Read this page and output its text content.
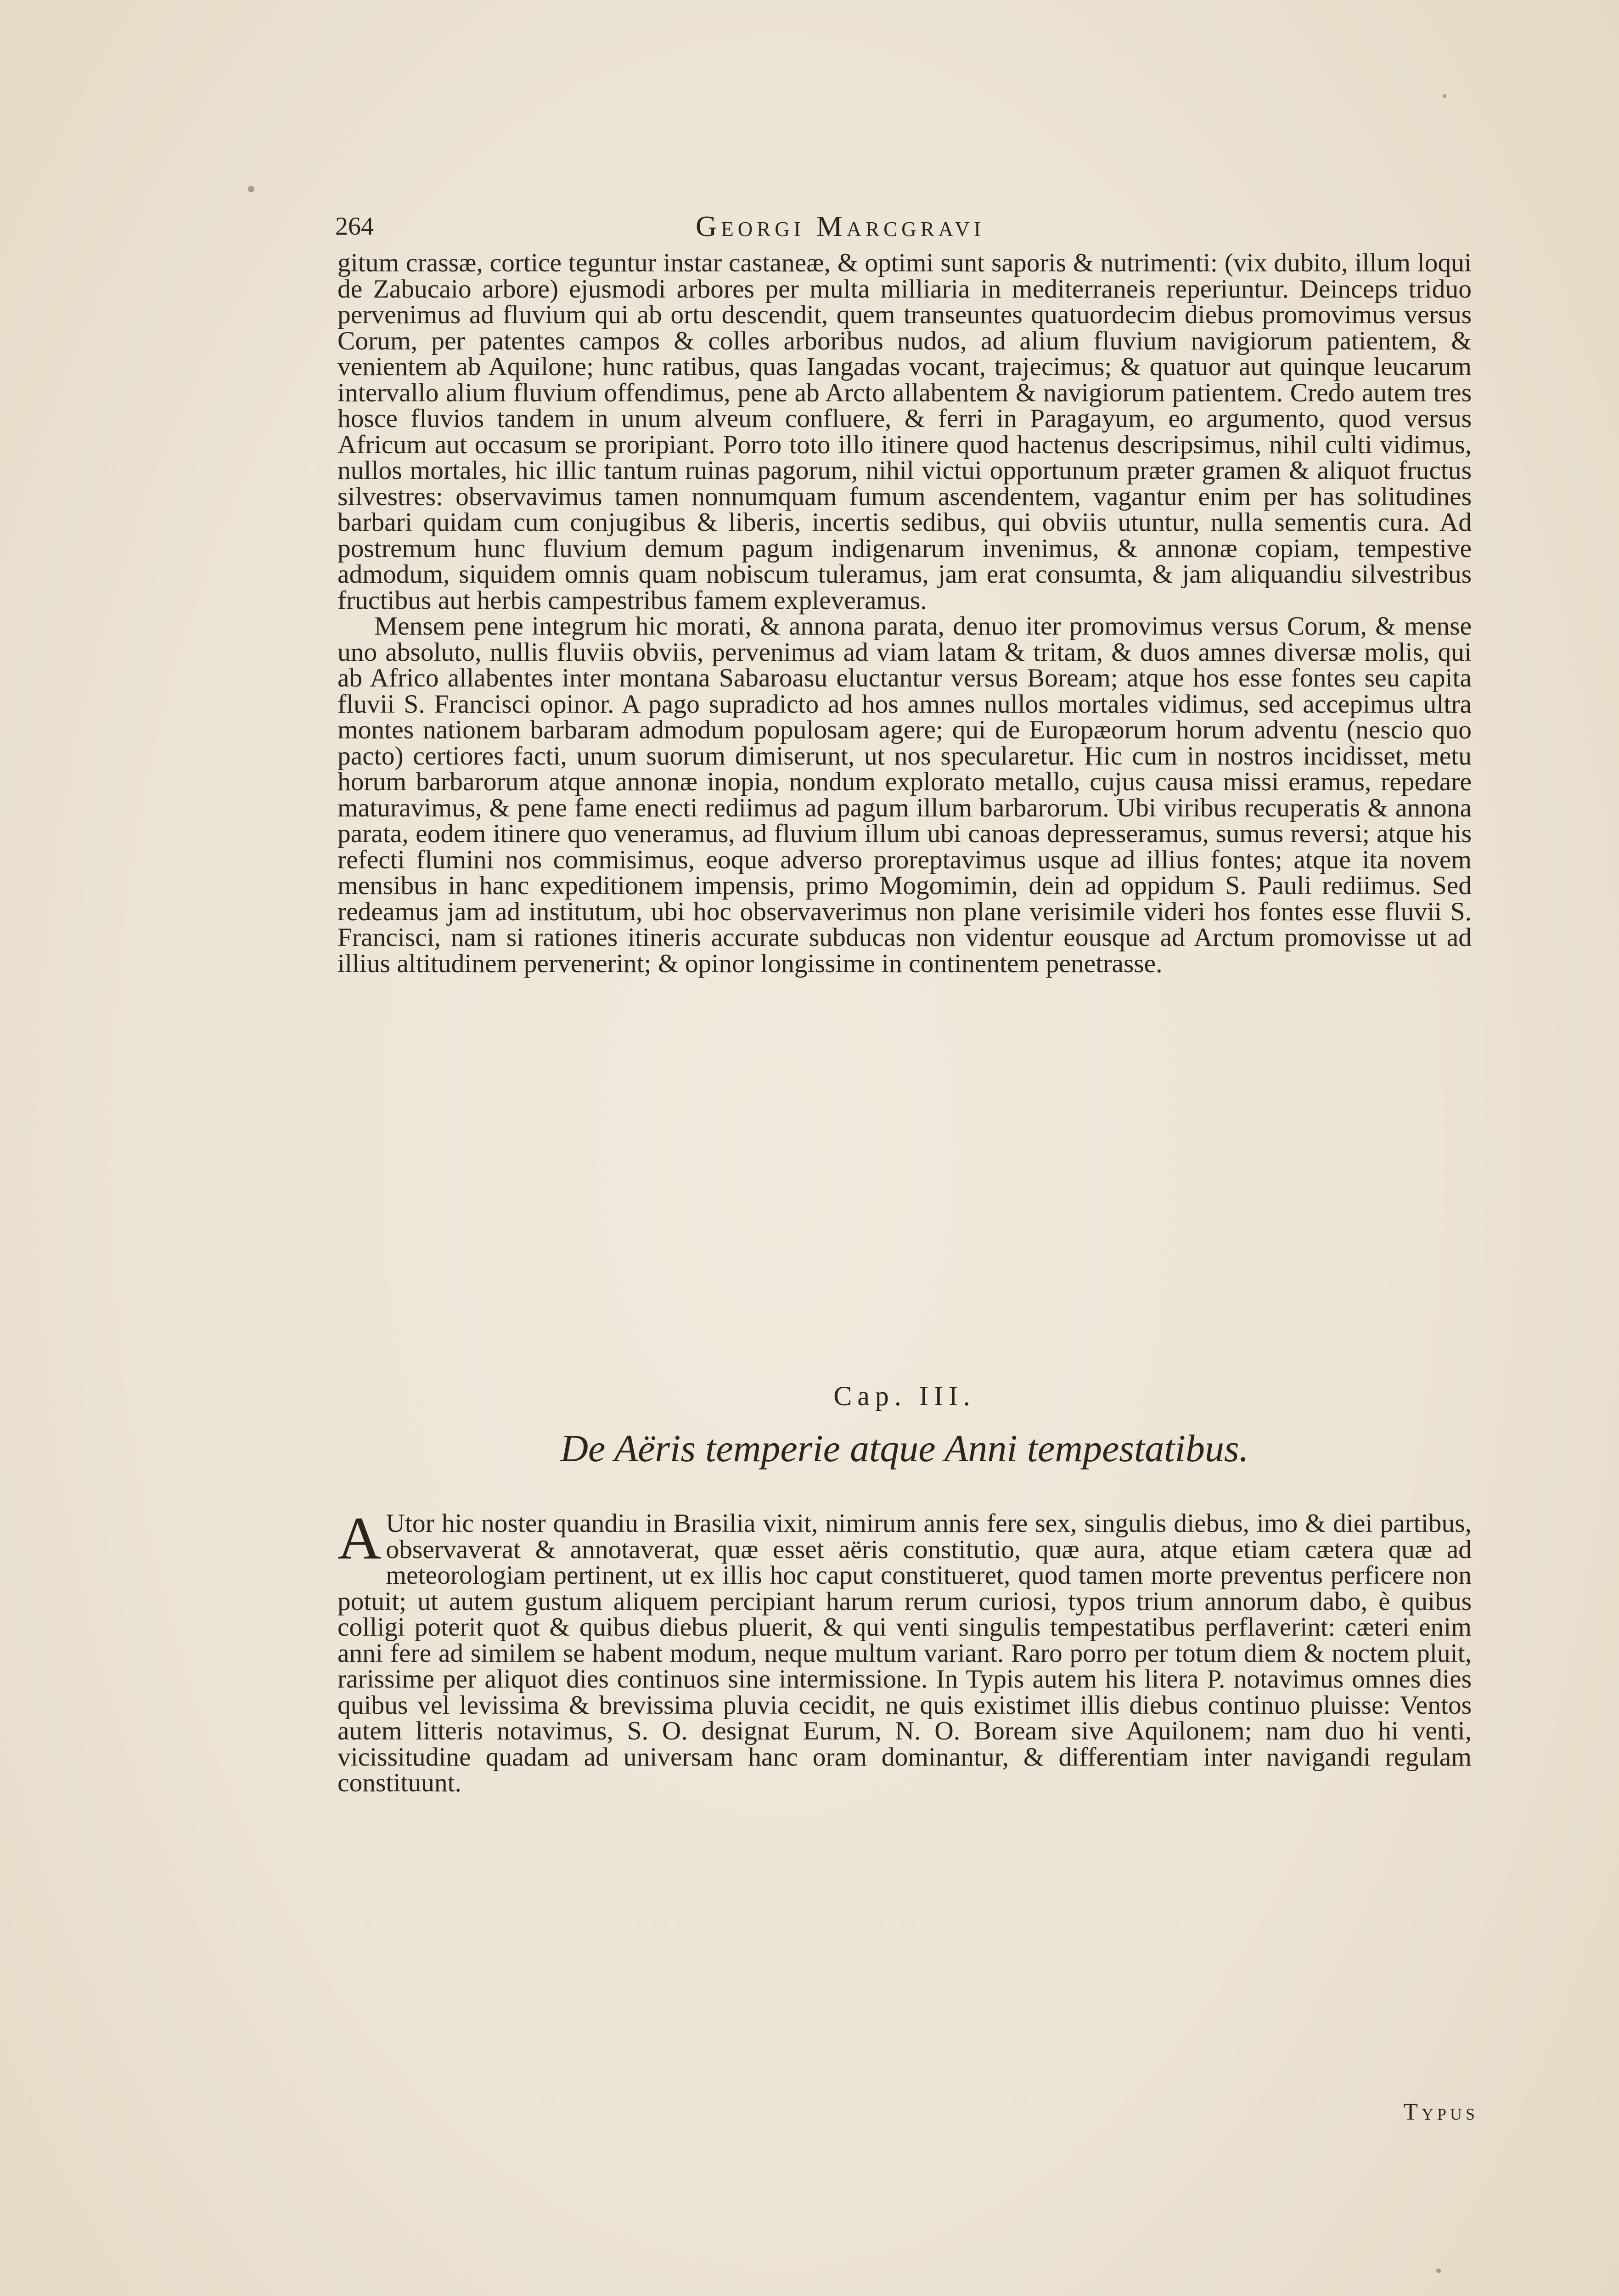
264	Georgi Marcgravi

gitum crassæ, cortice teguntur instar castaneæ, & optimi sunt saporis & nutrimenti: (vix dubito, illum loqui de Zabucaio arbore) ejusmodi arbores per multa milliaria in mediterraneis reperiuntur. Deinceps triduo pervenimus ad fluvium qui ab ortu descendit, quem transeuntes quatuordecim diebus promovimus versus Corum, per patentes campos & colles arboribus nudos, ad alium fluvium navigiorum patientem, & venientem ab Aquilone; hunc ratibus, quas Iangadas vocant, trajecimus; & quatuor aut quinque leucarum intervallo alium fluvium offendimus, pene ab Arcto allabentem & navigiorum patientem. Credo autem tres hosce fluvios tandem in unum alveum confluere, & ferri in Paragayum, eo argumento, quod versus Africum aut occasum se proripiant. Porro toto illo itinere quod hactenus descripsimus, nihil culti vidimus, nullos mortales, hic illic tantum ruinas pagorum, nihil victui opportunum præter gramen & aliquot fructus silvestres: observavimus tamen nonnumquam fumum ascendentem, vagantur enim per has solitudines barbari quidam cum conjugibus & liberis, incertis sedibus, qui obviis utuntur, nulla sementis cura. Ad postremum hunc fluvium demum pagum indigenarum invenimus, & annonæ copiam, tempestive admodum, siquidem omnis quam nobiscum tuleramus, jam erat consumta, & jam aliquandiu silvestribus fructibus aut herbis campestribus famem expleveramus.

Mensem pene integrum hic morati, & annona parata, denuo iter promovimus versus Corum, & mense uno absoluto, nullis fluviis obviis, pervenimus ad viam latam & tritam, & duos amnes diversæ molis, qui ab Africo allabentes inter montana Sabaroasu eluctantur versus Boream; atque hos esse fontes seu capita fluvii S. Francisci opinor. A pago supradicto ad hos amnes nullos mortales vidimus, sed accepimus ultra montes nationem barbaram admodum populosam agere; qui de Europæorum horum adventu (nescio quo pacto) certiores facti, unum suorum dimiserunt, ut nos specularetur. Hic cum in nostros incidisset, metu horum barbarorum atque annonæ inopia, nondum explorato metallo, cujus causa missi eramus, repedare maturavimus, & pene fame enecti rediimus ad pagum illum barbarorum. Ubi viribus recuperatis & annona parata, eodem itinere quo veneramus, ad fluvium illum ubi canoas depresseramus, sumus reversi; atque his refecti flumini nos commisimus, eoque adverso proreptavimus usque ad illius fontes; atque ita novem mensibus in hanc expeditionem impensis, primo Mogomimin, dein ad oppidum S. Pauli rediimus. Sed redeamus jam ad institutum, ubi hoc observaverimus non plane verisimile videri hos fontes esse fluvii S. Francisci, nam si rationes itineris accurate subducas non videntur eousque ad Arctum promovisse ut ad illius altitudinem pervenerint; & opinor longissime in continentem penetrasse.

Cap. III.
De Aëris temperie atque Anni tempestatibus.
A Utor hic noster quandiu in Brasilia vixit, nimirum annis fere sex, singulis diebus, imo & diei partibus, observaverat & annotaverat, quæ esset aëris constitutio, quæ aura, atque etiam cætera quæ ad meteorologiam pertinent, ut ex illis hoc caput constitueret, quod tamen morte preventus perficere non potuit; ut autem gustum aliquem percipiant harum rerum curiosi, typos trium annorum dabo, è quibus colligi poterit quot & quibus diebus pluerit, & qui venti singulis tempestatibus perflaverint: cæteri enim anni fere ad similem se habent modum, neque multum variant. Raro porro per totum diem & noctem pluit, rarissime per aliquot dies continuos sine intermissione. In Typis autem his litera P. notavimus omnes dies quibus vel levissima & brevissima pluvia cecidit, ne quis existimet illis diebus continuo pluisse: Ventos autem litteris notavimus, S. O. designat Eurum, N. O. Boream sive Aquilonem; nam duo hi venti, vicissitudine quadam ad universam hanc oram dominantur, & differentiam inter navigandi regulam constituunt.
Typus
